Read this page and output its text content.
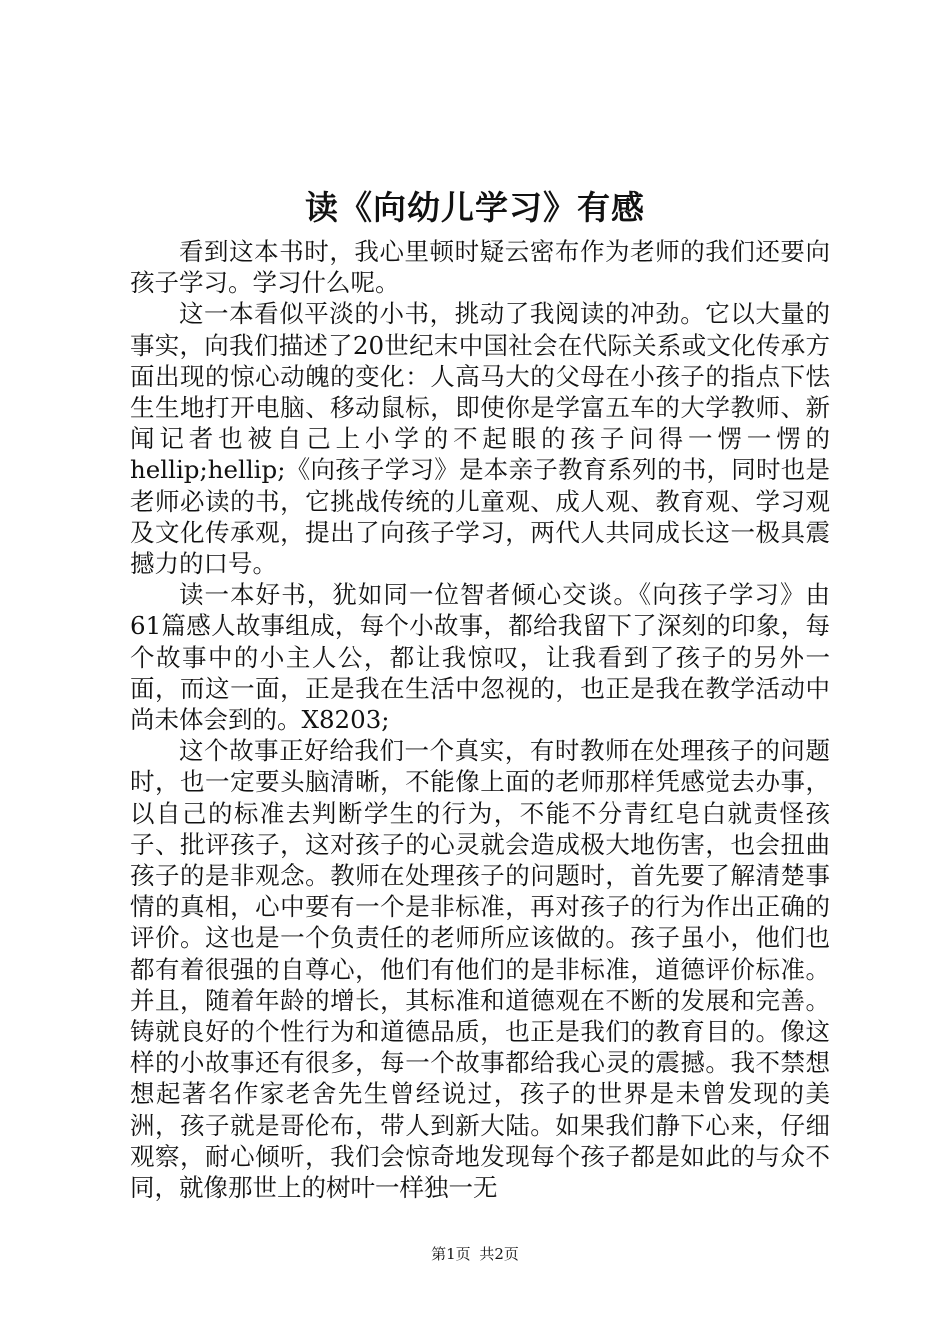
读《向幼儿学习》有感

看到这本书时，我心里顿时疑云密布作为老师的我们还要向孩子学习。学习什么呢。

这一本看似平淡的小书，挑动了我阅读的冲劲。它以大量的事实，向我们描述了20世纪末中国社会在代际关系或文化传承方面出现的惊心动魄的变化：人高马大的父母在小孩子的指点下怯生生地打开电脑、移动鼠标，即使你是学富五车的大学教师、新闻记者也被自己上小学的不起眼的孩子问得一愣一愣的hellip;hellip;《向孩子学习》是本亲子教育系列的书，同时也是老师必读的书，它挑战传统的儿童观、成人观、教育观、学习观及文化传承观，提出了向孩子学习，两代人共同成长这一极具震撼力的口号。

读一本好书，犹如同一位智者倾心交谈。《向孩子学习》由61篇感人故事组成，每个小故事，都给我留下了深刻的印象，每个故事中的小主人公，都让我惊叹，让我看到了孩子的另外一面，而这一面，正是我在生活中忽视的，也正是我在教学活动中尚未体会到的。X8203;

这个故事正好给我们一个真实，有时教师在处理孩子的问题时，也一定要头脑清晰，不能像上面的老师那样凭感觉去办事，以自己的标准去判断学生的行为，不能不分青红皂白就责怪孩子、批评孩子，这对孩子的心灵就会造成极大地伤害，也会扭曲孩子的是非观念。教师在处理孩子的问题时，首先要了解清楚事情的真相，心中要有一个是非标准，再对孩子的行为作出正确的评价。这也是一个负责任的老师所应该做的。孩子虽小，他们也都有着很强的自尊心，他们有他们的是非标准，道德评价标准。并且，随着年龄的增长，其标准和道德观在不断的发展和完善。铸就良好的个性行为和道德品质，也正是我们的教育目的。像这样的小故事还有很多，每一个故事都给我心灵的震撼。我不禁想想起著名作家老舍先生曾经说过，孩子的世界是未曾发现的美洲，孩子就是哥伦布，带人到新大陆。如果我们静下心来，仔细观察，耐心倾听，我们会惊奇地发现每个孩子都是如此的与众不同，就像那世上的树叶一样独一无

第1页 共2页
